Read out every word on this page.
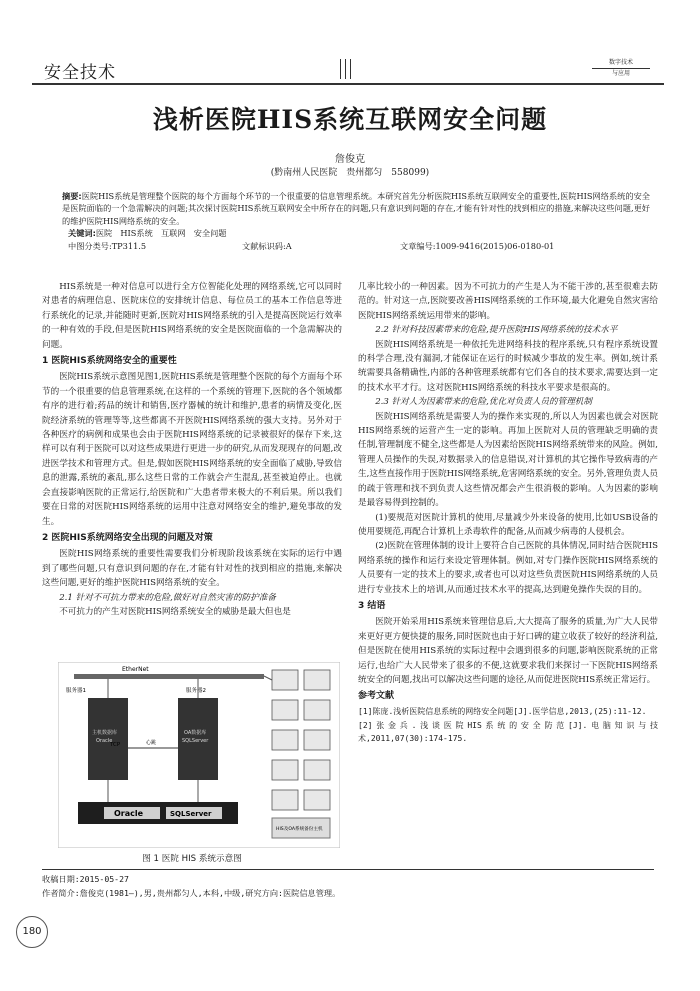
安全技术
数字技术
与应用
浅析医院HIS系统互联网安全问题
詹俊克
(黔南州人民医院　贵州都匀　558099)
摘要:医院HIS系统是管理整个医院的每个方面每个环节的一个很重要的信息管理系统。本研究首先分析医院HIS系统互联网安全的重要性,医院HIS网络系统的安全是医院面临的一个急需解决的问题;其次探讨医院HIS系统互联网安全中所存在的问题,只有意识到问题的存在,才能有针对性的找到相应的措施,来解决这些问题,更好的维护医院HIS网络系统的安全。
关键词:医院　HIS系统　互联网　安全问题
中图分类号:TP311.5	文献标识码:A	文章编号:1009-9416(2015)06-0180-01

HIS系统是一种对信息可以进行全方位智能化处理的网络系统,它可以同时对患者的病理信息、医院床位的安排统计信息、每位员工的基本工作信息等进行系统化的记录,并能随时更新,医院对HIS网络系统的引入是提高医院运行效率的一种有效的手段,但是医院HIS网络系统的安全是医院面临的一个急需解决的问题。

1 医院HIS系统网络安全的重要性

医院HIS系统示意图见图1,医院HIS系统是管理整个医院的每个方面每个环节的一个很重要的信息管理系统,在这样的一个系统的管理下,医院的各个领域都有序的进行着;药品的统计和销售,医疗器械的统计和维护,患者的病情及变化,医院经济系统的管理等等,这些都离不开医院HIS网络系统的强大支持。另外对于各种医疗的病例和成果也会由于医院HIS网络系统的记录被很好的保存下来,这样可以有利于医院可以对这些成果进行更进一步的研究,从而发现现存的问题,改进医学技术和管理方式。但是,假如医院HIS网络系统的安全面临了威胁,导致信息的泄露,系统的紊乱,那么这些日常的工作就会产生混乱,甚至被迫停止。也就会直接影响医院的正常运行,给医院和广大患者带来极大的不利后果。所以我们要在日常的对医院HIS网络系统的运用中注意对网络安全的维护,避免事故的发生。

2 医院HIS系统网络安全出现的问题及对策

医院HIS网络系统的重要性需要我们分析现阶段该系统在实际的运行中遇到了哪些问题,只有意识到问题的存在,才能有针对性的找到相应的措施,来解决这些问题,更好的维护医院HIS网络系统的安全。

2.1 针对不可抗力带来的危险,做好对自然灾害的防护准备

不可抗力的产生对医院HIS网络系统安全的威胁是最大但也是

EtherNet
服务器1	服务器2
主机数据库
Oracle
OA数据库
SQLServer
TCP	心跳
Oracle	SQLServer
HIS及OA系统备份主机
图 1 医院 HIS 系统示意图

几率比较小的一种因素。因为不可抗力的产生是人为不能干涉的,甚至很难去防范的。针对这一点,医院要改善HIS网络系统的工作环境,最大化避免自然灾害给医院HIS网络系统运用带来的影响。

2.2 针对科技因素带来的危险,提升医院HIS网络系统的技术水平

医院HIS网络系统是一种依托先进网络科技的程序系统,只有程序系统设置的科学合理,没有漏洞,才能保证在运行的时候减少事故的发生率。例如,统计系统需要具备精确性,内部的各种管理系统都有它们各自的技术要求,需要达到一定的技术水平才行。这对医院HIS网络系统的科技水平要求是很高的。

2.3 针对人为因素带来的危险,优化对负责人员的管理机制

医院HIS网络系统是需要人为的操作来实现的,所以人为因素也就会对医院HIS网络系统的运营产生一定的影响。再加上医院对人员的管理缺乏明确的责任制,管理制度不健全,这些都是人为因素给医院HIS网络系统带来的风险。例如,管理人员操作的失误,对数据录入的信息错误,对计算机的其它操作导致病毒的产生,这些直接作用于医院HIS网络系统,危害网络系统的安全。另外,管理负责人员的疏于管理和找不到负责人这些情况都会产生很消极的影响。人为因素的影响是最容易得到控制的。

(1)要规范对医院计算机的使用,尽量减少外来设备的使用,比如USB设备的使用要规范,再配合计算机上杀毒软件的配备,从而减少病毒的人侵机会。

(2)医院在管理体制的设计上要符合自己医院的具体情况,同时结合医院HIS网络系统的操作和运行来设定管理体制。例如,对专门操作医院HIS网络系统的人员要有一定的技术上的要求,或者也可以对这些负责医院HIS网络系统的人员进行专业技术上的培训,从而通过技术水平的提高,达到避免操作失误的目的。

3 结语

医院开始采用HIS系统来管理信息后,大大提高了服务的质量,为广大人民带来更好更方便快捷的服务,同时医院也由于好口碑的建立收获了较好的经济利益,但是医院在使用HIS系统的实际过程中会遇到很多的问题,影响医院系统的正常运行,也给广大人民带来了很多的不便,这就要求我们来探讨一下医院HIS网络系统安全的问题,找出可以解决这些问题的途径,从而促进医院HIS系统正常运行。

参考文献
[1]陈庞.浅析医院信息系统的网络安全问题[J].医学信息,2013,(25):11-12.
[2]张金兵.浅谈医院HIS系统的安全防范[J].电脑知识与技术,2011,07(30):174-175.
收稿日期:2015-05-27
作者简介:詹俊克(1981—),男,贵州都匀人,本科,中级,研究方向:医院信息管理。
180
